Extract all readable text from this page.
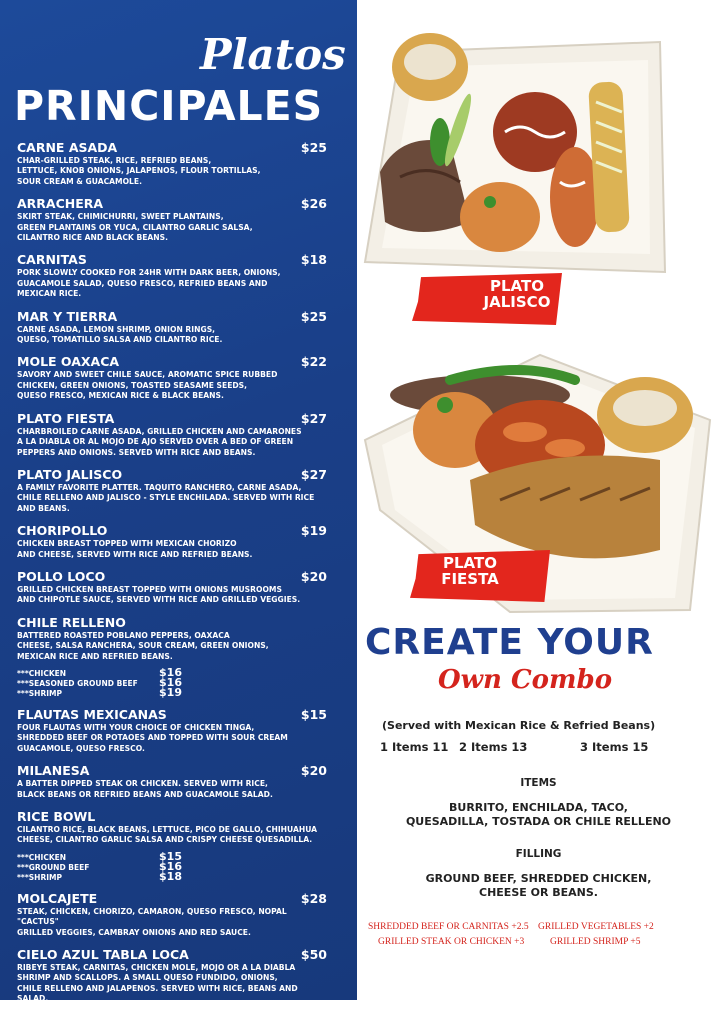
Platos
PRINCIPALES
CARNE ASADA	$25
CHAR-GRILLED STEAK, RICE, REFRIED BEANS,
LETTUCE, KNOB ONIONS, JALAPENOS, FLOUR TORTILLAS,
SOUR CREAM & GUACAMOLE.
ARRACHERA	$26
SKIRT STEAK, CHIMICHURRI, SWEET PLANTAINS,
GREEN PLANTAINS OR YUCA, CILANTRO GARLIC SALSA,
CILANTRO RICE AND BLACK BEANS.
CARNITAS	$18
PORK SLOWLY COOKED FOR 24HR WITH DARK BEER, ONIONS,
GUACAMOLE SALAD, QUESO FRESCO, REFRIED BEANS AND
MEXICAN RICE.
MAR Y TIERRA	$25
CARNE ASADA, LEMON SHRIMP, ONION RINGS,
QUESO, TOMATILLO SALSA AND CILANTRO RICE.
MOLE OAXACA	$22
SAVORY AND SWEET CHILE SAUCE, AROMATIC SPICE RUBBED
CHICKEN, GREEN ONIONS, TOASTED SEASAME SEEDS,
QUESO FRESCO, MEXICAN RICE & BLACK BEANS.
PLATO FIESTA	$27
CHARBROILED CARNE ASADA, GRILLED CHICKEN AND CAMARONES
A LA DIABLA OR AL MOJO DE AJO SERVED OVER A BED OF GREEN
PEPPERS AND ONIONS. SERVED WITH RICE AND BEANS.
PLATO JALISCO	$27
A FAMILY FAVORITE PLATTER. TAQUITO RANCHERO, CARNE ASADA,
CHILE RELLENO AND JALISCO - STYLE ENCHILADA. SERVED WITH RICE
AND BEANS.
CHORIPOLLO	$19
CHICKEN BREAST TOPPED WITH MEXICAN CHORIZO
AND CHEESE, SERVED WITH RICE AND REFRIED BEANS.
POLLO LOCO	$20
GRILLED CHICKEN BREAST TOPPED WITH ONIONS MUSROOMS
AND CHIPOTLE SAUCE, SERVED WITH RICE AND GRILLED VEGGIES.
CHILE RELLENO
BATTERED ROASTED POBLANO PEPPERS, OAXACA
CHEESE, SALSA RANCHERA, SOUR CREAM, GREEN ONIONS,
MEXICAN RICE AND REFRIED BEANS.
***CHICKEN	$16
***SEASONED GROUND BEEF $16
***SHRIMP	$19
FLAUTAS MEXICANAS	$15
FOUR FLAUTAS WITH YOUR CHOICE OF CHICKEN TINGA,
SHREDDED BEEF OR POTAOES AND TOPPED WITH SOUR CREAM
GUACAMOLE, QUESO FRESCO.
MILANESA	$20
A BATTER DIPPED STEAK OR CHICKEN. SERVED WITH RICE,
BLACK BEANS OR REFRIED BEANS AND GUACAMOLE SALAD.
RICE BOWL
CILANTRO RICE, BLACK BEANS, LETTUCE, PICO DE GALLO, CHIHUAHUA
CHEESE, CILANTRO GARLIC SALSA AND CRISPY CHEESE QUESADILLA.
***CHICKEN	$15
***GROUND BEEF	$16
***SHRIMP	$18
MOLCAJETE	$28
STEAK, CHICKEN, CHORIZO, CAMARON, QUESO FRESCO, NOPAL "CACTUS"
GRILLED VEGGIES, CAMBRAY ONIONS AND RED SAUCE.
CIELO AZUL TABLA LOCA	$50
RIBEYE STEAK, CARNITAS, CHICKEN MOLE, MOJO OR A LA DIABLA
SHRIMP AND SCALLOPS. A SMALL QUESO FUNDIDO, ONIONS,
CHILE RELLENO AND JALAPENOS. SERVED WITH RICE, BEANS AND
SALAD.
PLATO
JALISCO
PLATO
FIESTA
CREATE YOUR
Own Combo
(Served with Mexican Rice & Refried Beans)
1 Items 11 2 Items 13	3 Items 15
ITEMS
BURRITO, ENCHILADA, TACO,
QUESADILLA, TOSTADA OR CHILE RELLENO
FILLING
GROUND BEEF, SHREDDED CHICKEN,
CHEESE OR BEANS.
SHREDDED BEEF OR CARNITAS +2.5 GRILLED VEGETABLES +2
GRILLED STEAK OR CHICKEN +3	GRILLED SHRIMP +5
